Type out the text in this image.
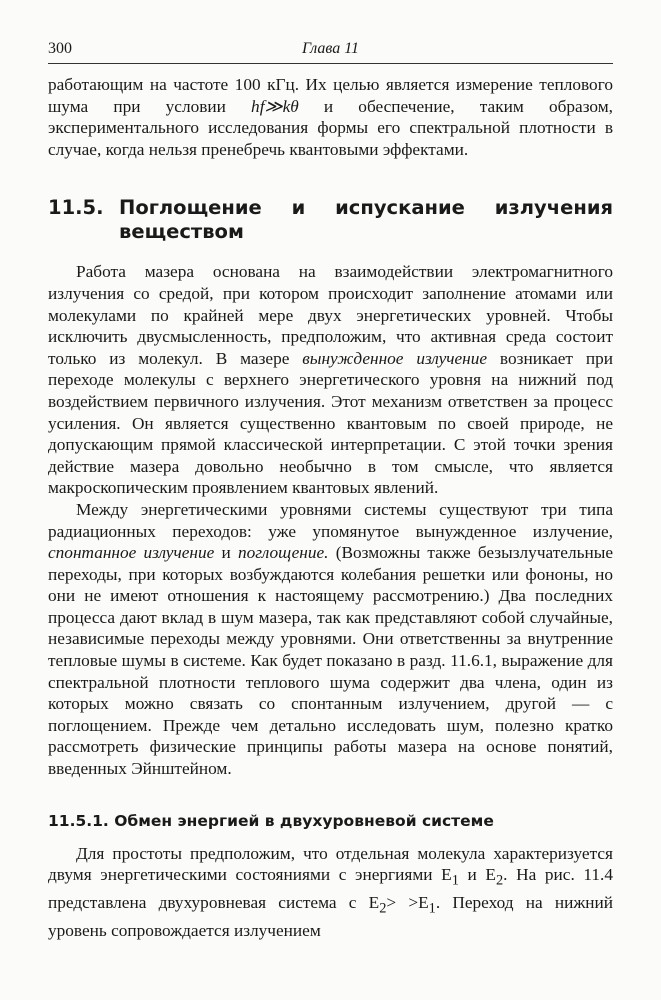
300	Глава 11

работающим на частоте 100 кГц. Их целью является измерение теплового шума при условии hf≫kθ и обеспечение, таким образом, экспериментального исследования формы его спектральной плотности в случае, когда нельзя пренебречь квантовыми эффектами.

11.5. Поглощение и испускание излучения веществом

Работа мазера основана на взаимодействии электромагнитного излучения со средой, при котором происходит заполнение атомами или молекулами по крайней мере двух энергетических уровней. Чтобы исключить двусмысленность, предположим, что активная среда состоит только из молекул. В мазере вынужденное излучение возникает при переходе молекулы с верхнего энергетического уровня на нижний под воздействием первичного излучения. Этот механизм ответствен за процесс усиления. Он является существенно квантовым по своей природе, не допускающим прямой классической интерпретации. С этой точки зрения действие мазера довольно необычно в том смысле, что является макроскопическим проявлением квантовых явлений.

Между энергетическими уровнями системы существуют три типа радиационных переходов: уже упомянутое вынужденное излучение, спонтанное излучение и поглощение. (Возможны также безызлучательные переходы, при которых возбуждаются колебания решетки или фононы, но они не имеют отношения к настоящему рассмотрению.) Два последних процесса дают вклад в шум мазера, так как представляют собой случайные, независимые переходы между уровнями. Они ответственны за внутренние тепловые шумы в системе. Как будет показано в разд. 11.6.1, выражение для спектральной плотности теплового шума содержит два члена, один из которых можно связать со спонтанным излучением, другой — с поглощением. Прежде чем детально исследовать шум, полезно кратко рассмотреть физические принципы работы мазера на основе понятий, введенных Эйнштейном.

11.5.1. Обмен энергией в двухуровневой системе

Для простоты предположим, что отдельная молекула характеризуется двумя энергетическими состояниями с энергиями $E_1$ и $E_2$. На рис. 11.4 представлена двухуровневая система с $E_2> >E_1$. Переход на нижний уровень сопровождается излучением
